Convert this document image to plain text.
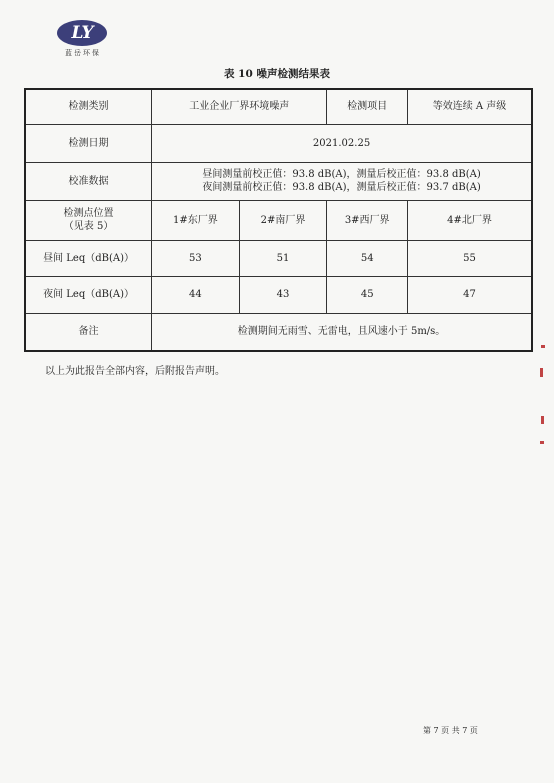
LY
蓝岳环保
表 10 噪声检测结果表
检测类别	工业企业厂界环境噪声		检测项目	等效连续 A 声级
检测日期	2021.02.25			
校准数据	昼间测量前校正值：93.8 dB(A)，测量后校正值：93.8 dB(A)
夜间测量前校正值：93.8 dB(A)，测量后校正值：93.7 dB(A)			

检测点位置
（见表 5）	1#东厂界	2#南厂界	3#西厂界	4#北厂界
昼间 Leq（dB(A)）	53	51	54	55
夜间 Leq（dB(A)）	44	43	45	47
备注	检测期间无雨雪、无雷电，且风速小于 5m/s。			
以上为此报告全部内容，后附报告声明。
第 7 页 共 7 页
